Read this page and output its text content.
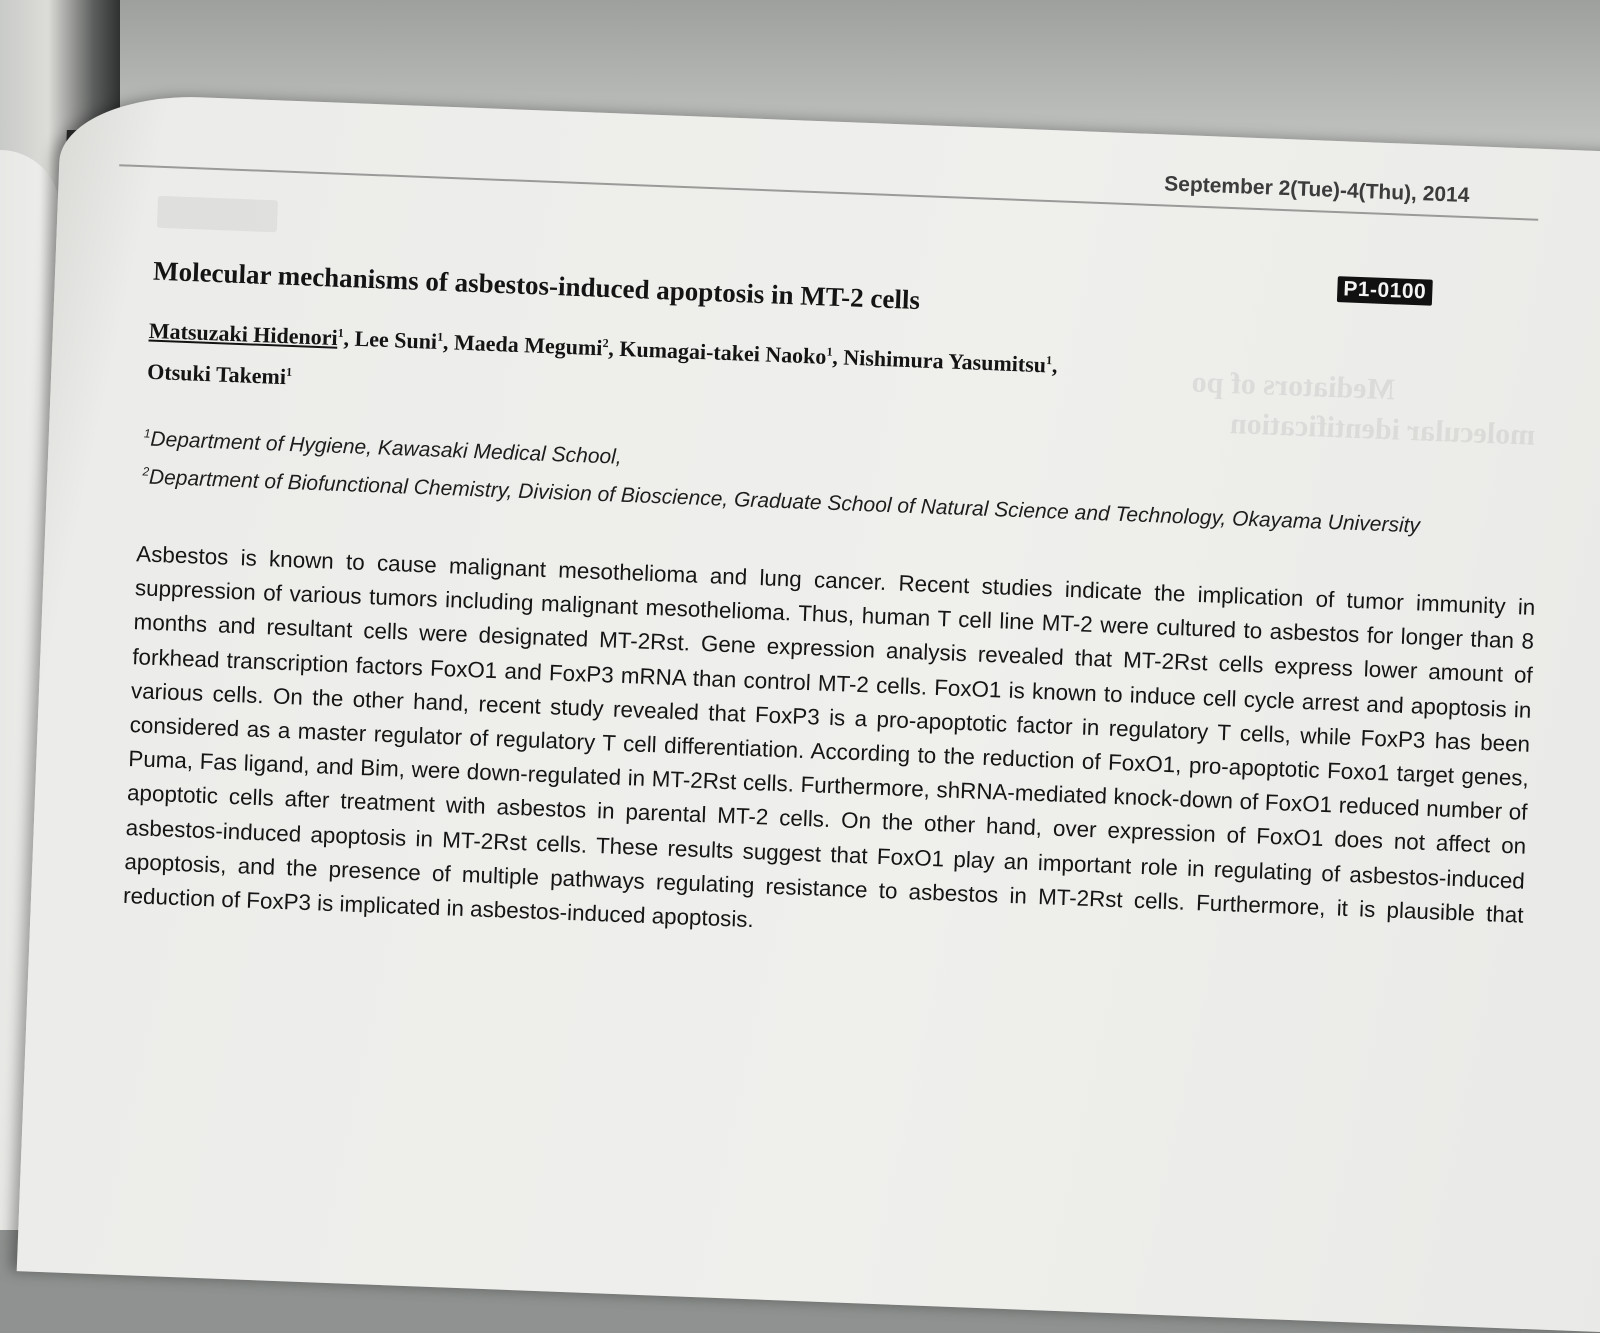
Mediators of po
molecular identification
September 2(Tue)-4(Thu), 2014
P1-0100
Molecular mechanisms of asbestos-induced apoptosis in MT-2 cells
Matsuzaki Hidenori$^1$, Lee Suni$^1$, Maeda Megumi$^2$, Kumagai-takei Naoko$^1$, Nishimura Yasumitsu$^1$,
Otsuki Takemi$^1$
$^1$Department of Hygiene, Kawasaki Medical School,
$^2$Department of Biofunctional Chemistry, Division of Bioscience, Graduate School of Natural Science and Technology, Okayama University
Asbestos is known to cause malignant mesothelioma and lung cancer. Recent studies indicate the implication of tumor immunity in suppression of various tumors including malignant mesothelioma. Thus, human T cell line MT-2 were cultured to asbestos for longer than 8 months and resultant cells were designated MT-2Rst. Gene expression analysis revealed that MT-2Rst cells express lower amount of forkhead transcription factors FoxO1 and FoxP3 mRNA than control MT-2 cells. FoxO1 is known to induce cell cycle arrest and apoptosis in various cells. On the other hand, recent study revealed that FoxP3 is a pro-apoptotic factor in regulatory T cells, while FoxP3 has been considered as a master regulator of regulatory T cell differentiation. According to the reduction of FoxO1, pro-apoptotic Foxo1 target genes, Puma, Fas ligand, and Bim, were down-regulated in MT-2Rst cells. Furthermore, shRNA-mediated knock-down of FoxO1 reduced number of apoptotic cells after treatment with asbestos in parental MT-2 cells. On the other hand, over expression of FoxO1 does not affect on asbestos-induced apoptosis in MT-2Rst cells. These results suggest that FoxO1 play an important role in regulating of asbestos-induced apoptosis, and the presence of multiple pathways regulating resistance to asbestos in MT-2Rst cells. Furthermore, it is plausible that reduction of FoxP3 is implicated in asbestos-induced apoptosis.
